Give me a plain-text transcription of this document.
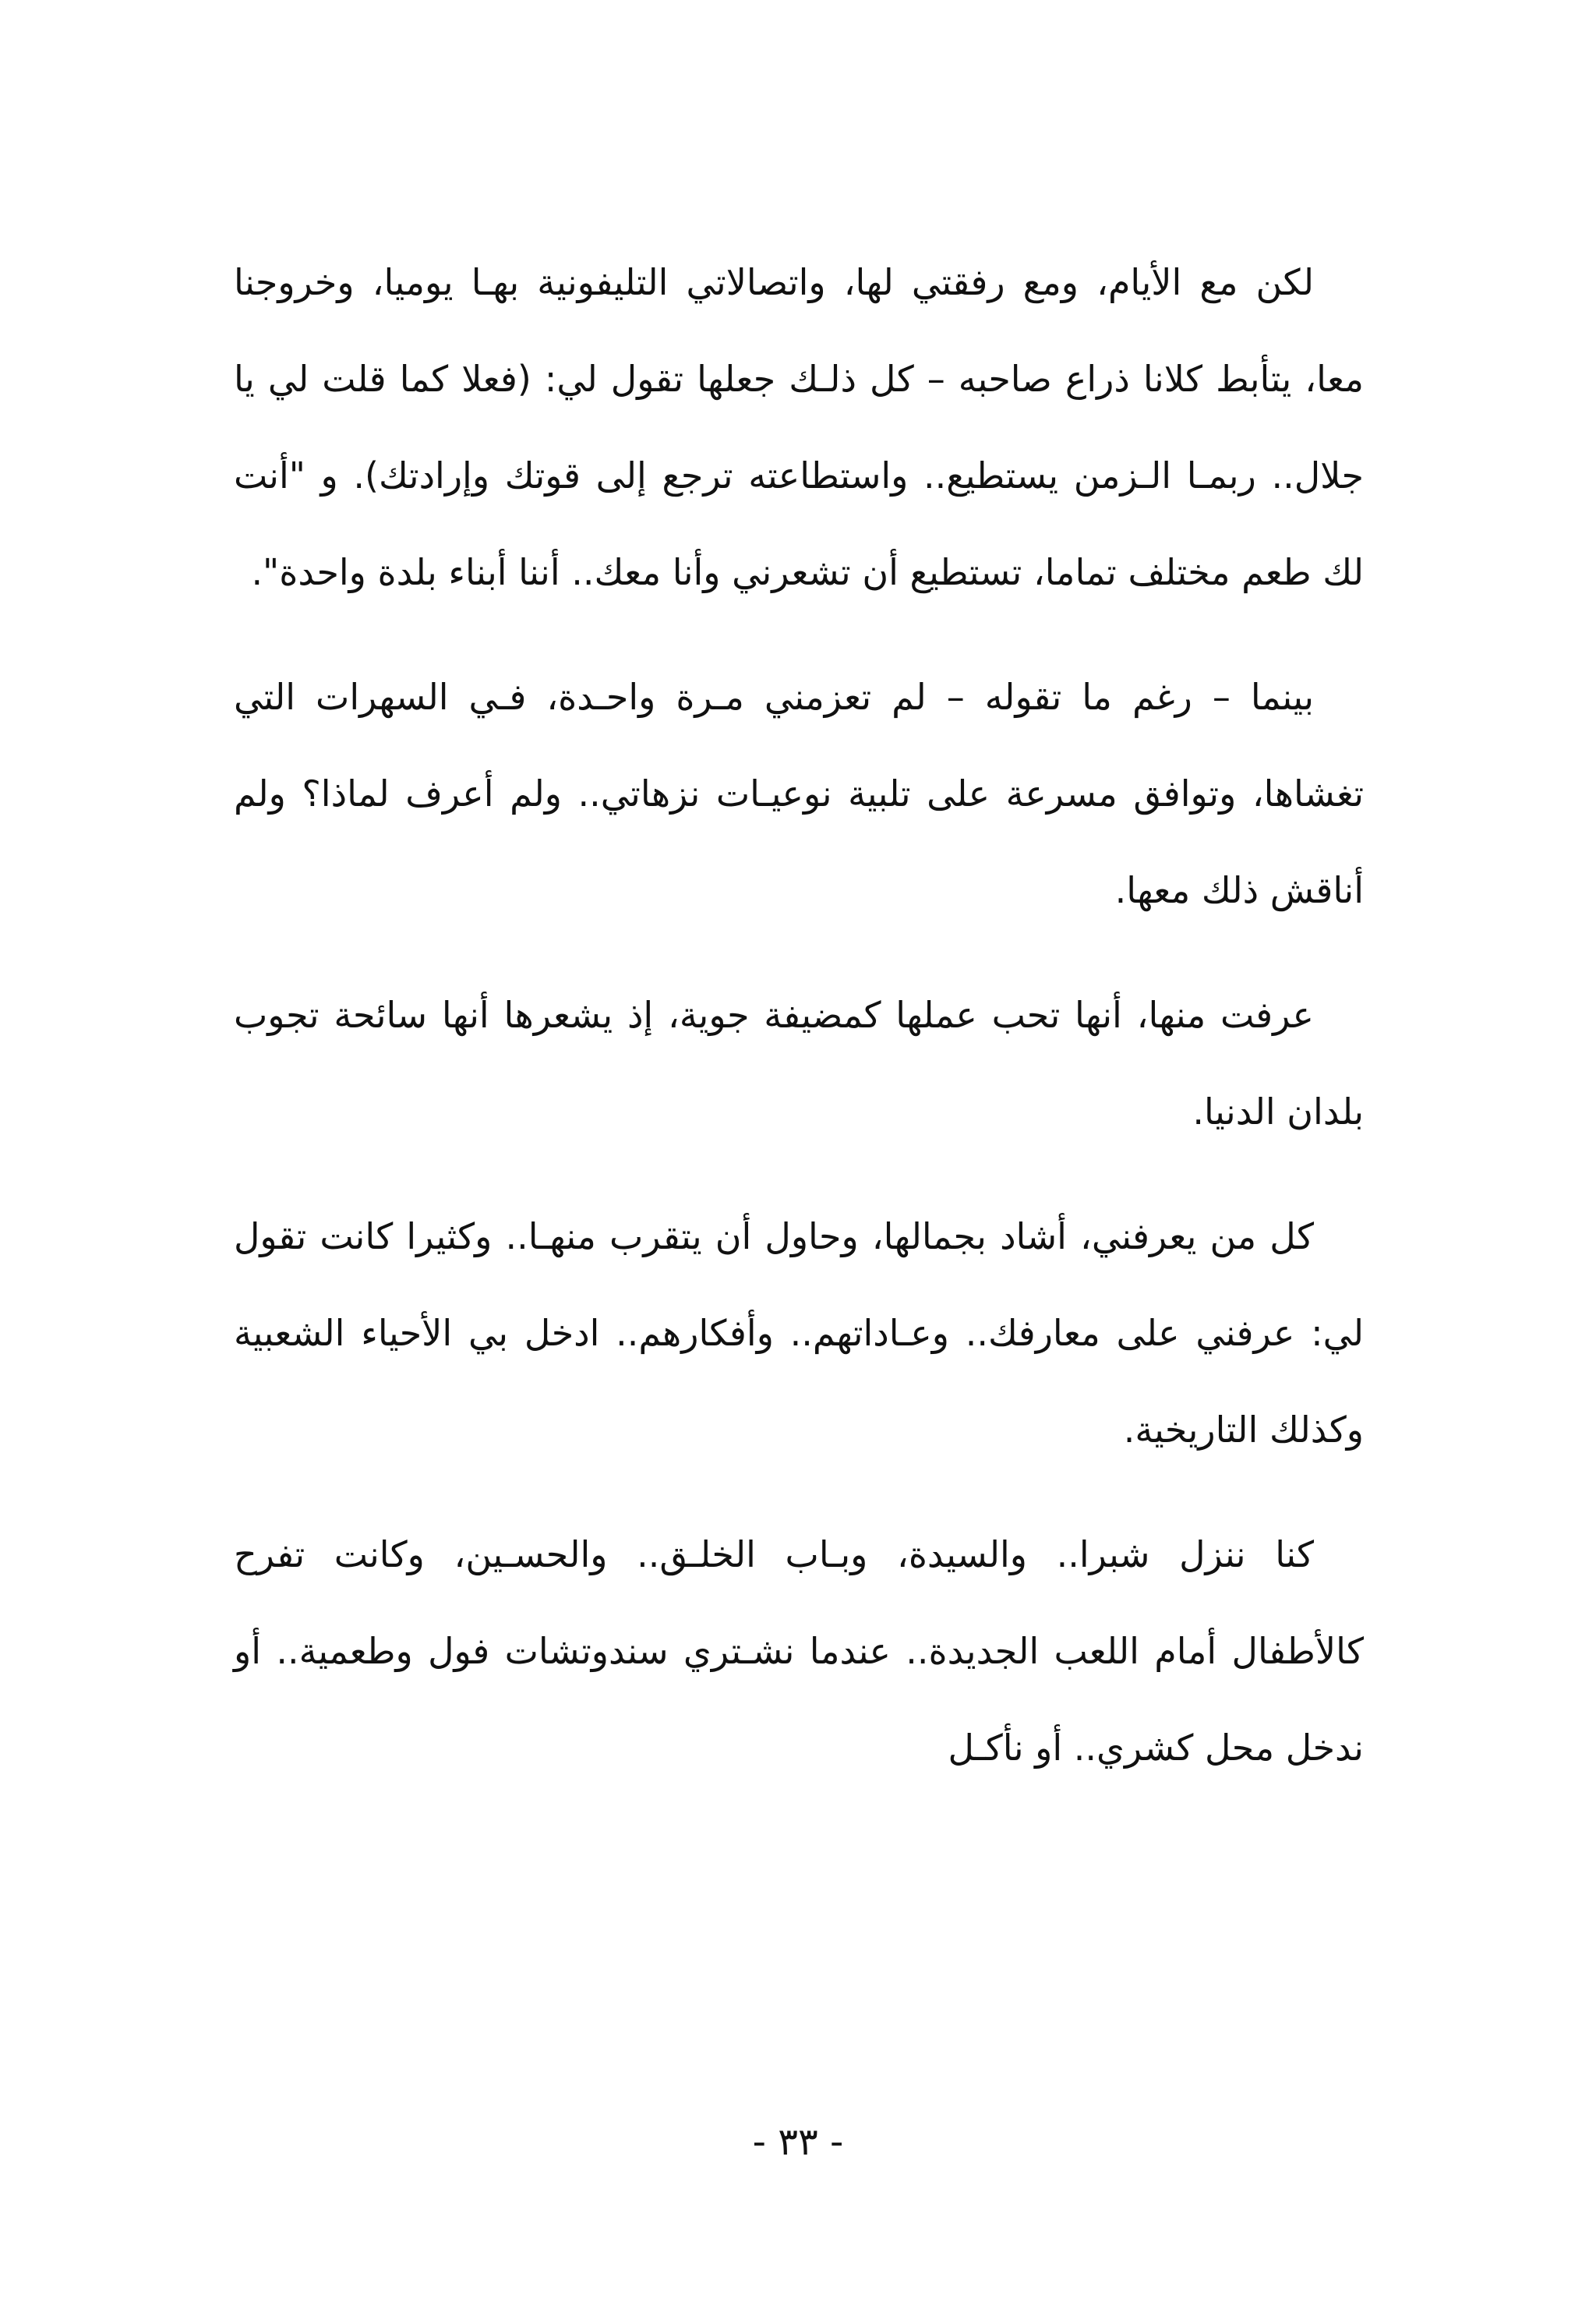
لكن مع الأيام، ومع رفقتي لها، واتصالاتي التليفونية بهـا يوميا، وخروجنا معا، يتأبط كلانا ذراع صاحبه – كل ذلـك جعلها تقول لي: (فعلا كما قلت لي يا جلال.. ربمـا الـزمن يستطيع.. واستطاعته ترجع إلى قوتك وإرادتك). و "أنت لك طعم مختلف تماما، تستطيع أن تشعرني وأنا معك.. أننا أبناء بلدة واحدة".

بينما – رغم ما تقوله – لم تعزمني مـرة واحـدة، فـي السهرات التي تغشاها، وتوافق مسرعة على تلبية نوعيـات نزهاتي.. ولم أعرف لماذا؟ ولم أناقش ذلك معها.

عرفت منها، أنها تحب عملها كمضيفة جوية، إذ يشعرها أنها سائحة تجوب بلدان الدنيا.

كل من يعرفني، أشاد بجمالها، وحاول أن يتقرب منهـا.. وكثيرا كانت تقول لي: عرفني على معارفك.. وعـاداتهم.. وأفكارهم.. ادخل بي الأحياء الشعبية وكذلك التاريخية.

كنا ننزل شبرا.. والسيدة، وبـاب الخلـق.. والحسـين، وكانت تفرح كالأطفال أمام اللعب الجديدة.. عندما نشـتري سندوتشات فول وطعمية.. أو ندخل محل كشري.. أو نأكـل

- ٣٣ -
